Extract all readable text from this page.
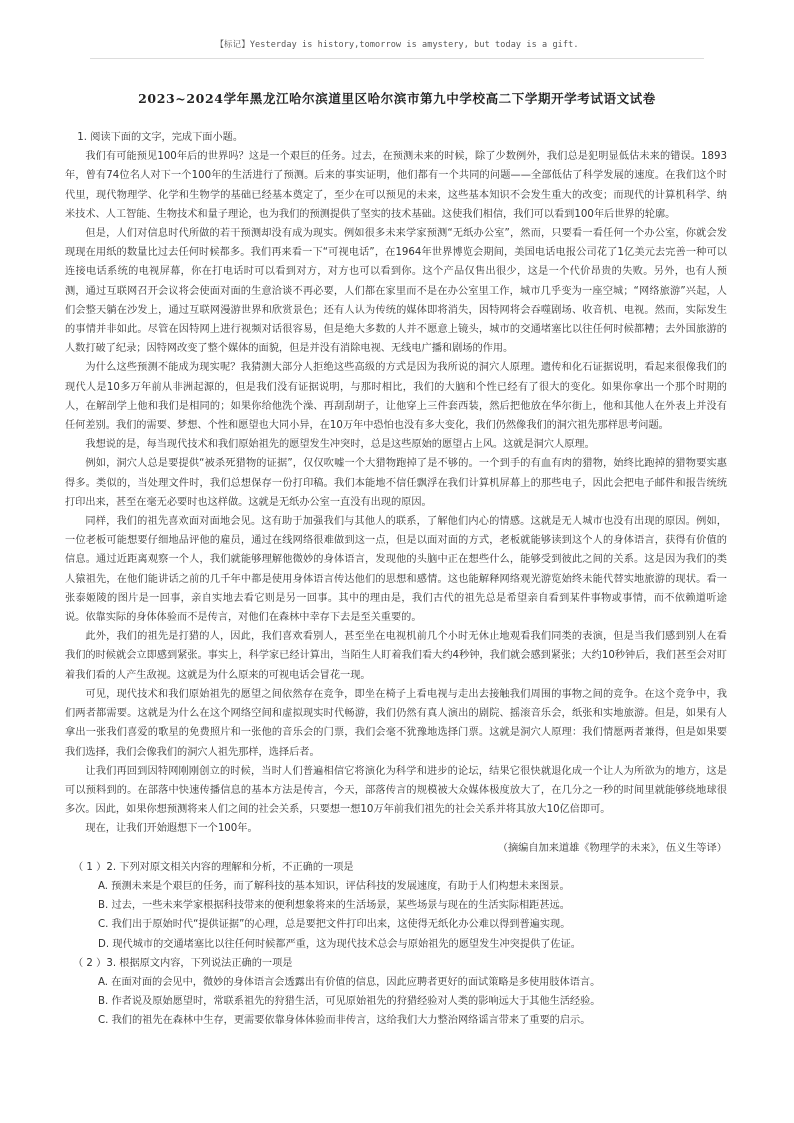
【标记】Yesterday is history,tomorrow is amystery, but today is a gift.
2023~2024学年黑龙江哈尔滨道里区哈尔滨市第九中学校高二下学期开学考试语文试卷

1. 阅读下面的文字，完成下面小题。

我们有可能预见100年后的世界吗？这是一个艰巨的任务。过去，在预测未来的时候，除了少数例外，我们总是犯明显低估未来的错误。1893年，曾有74位名人对下一个100年的生活进行了预测。后来的事实证明，他们都有一个共同的问题——全部低估了科学发展的速度。在我们这个时代里，现代物理学、化学和生物学的基础已经基本奠定了，至少在可以预见的未来，这些基本知识不会发生重大的改变；而现代的计算机科学、纳米技术、人工智能、生物技术和量子理论，也为我们的预测提供了坚实的技术基础。这使我们相信，我们可以看到100年后世界的轮廓。

但是，人们对信息时代所做的若干预测却没有成为现实。例如很多未来学家预测“无纸办公室”，然而，只要看一看任何一个办公室，你就会发现现在用纸的数量比过去任何时候都多。我们再来看一下“可视电话”，在1964年世界博览会期间，美国电话电报公司花了1亿美元去完善一种可以连接电话系统的电视屏幕，你在打电话时可以看到对方，对方也可以看到你。这个产品仅售出很少，这是一个代价昂贵的失败。另外，也有人预测，通过互联网召开会议将会使面对面的生意洽谈不再必要，人们都在家里而不是在办公室里工作，城市几乎变为一座空城；“网络旅游”兴起，人们会整天躺在沙发上，通过互联网漫游世界和欣赏景色；还有人认为传统的媒体即将消失，因特网将会吞噬剧场、收音机、电视。然而，实际发生的事情并非如此。尽管在因特网上进行视频对话很容易，但是绝大多数的人并不愿意上镜头，城市的交通堵塞比以往任何时候都糟；去外国旅游的人数打破了纪录；因特网改变了整个媒体的面貌，但是并没有消除电视、无线电广播和剧场的作用。

为什么这些预测不能成为现实呢？我猜测大部分人拒绝这些高级的方式是因为我所说的洞穴人原理。遗传和化石证据说明，看起来很像我们的现代人是10多万年前从非洲起源的，但是我们没有证据说明，与那时相比，我们的大脑和个性已经有了很大的变化。如果你拿出一个那个时期的人，在解剖学上他和我们是相同的；如果你给他洗个澡、再刮刮胡子，让他穿上三件套西装，然后把他放在华尔街上，他和其他人在外表上并没有任何差别。我们的需要、梦想、个性和愿望也大同小异，在10万年中恐怕也没有多大变化，我们仍然像我们的洞穴祖先那样思考问题。

我想说的是，每当现代技术和我们原始祖先的愿望发生冲突时，总是这些原始的愿望占上风。这就是洞穴人原理。

例如，洞穴人总是要提供“被杀死猎物的证据”，仅仅吹嘘一个大猎物跑掉了是不够的。一个到手的有血有肉的猎物，始终比跑掉的猎物要实惠得多。类似的，当处理文件时，我们总想保存一份打印稿。我们本能地不信任飘浮在我们计算机屏幕上的那些电子，因此会把电子邮件和报告统统打印出来，甚至在毫无必要时也这样做。这就是无纸办公室一直没有出现的原因。

同样，我们的祖先喜欢面对面地会见。这有助于加强我们与其他人的联系，了解他们内心的情感。这就是无人城市也没有出现的原因。例如，一位老板可能想要仔细地品评他的雇员，通过在线网络很难做到这一点，但是以面对面的方式，老板就能够读到这个人的身体语言，获得有价值的信息。通过近距离观察一个人，我们就能够理解他微妙的身体语言，发现他的头脑中正在想些什么，能够受到彼此之间的关系。这是因为我们的类人猿祖先，在他们能讲话之前的几千年中都是使用身体语言传达他们的思想和感情。这也能解释网络观光游览始终未能代替实地旅游的现状。看一张泰姬陵的图片是一回事，亲自实地去看它则是另一回事。其中的理由是，我们古代的祖先总是希望亲自看到某件事物或事情，而不依赖道听途说。依靠实际的身体体验而不是传言，对他们在森林中幸存下去是至关重要的。

此外，我们的祖先是打猎的人，因此，我们喜欢看别人，甚至坐在电视机前几个小时无休止地观看我们同类的表演，但是当我们感到别人在看我们的时候就会立即感到紧张。事实上，科学家已经计算出，当陌生人盯着我们看大约4秒钟，我们就会感到紧张；大约10秒钟后，我们甚至会对盯着我们看的人产生敌视。这就是为什么原来的可视电话会冒花一现。

可见，现代技术和我们原始祖先的愿望之间依然存在竞争，即坐在椅子上看电视与走出去接触我们周围的事物之间的竞争。在这个竞争中，我们两者都需要。这就是为什么在这个网络空间和虚拟现实时代畅游，我们仍然有真人演出的剧院、摇滚音乐会，纸张和实地旅游。但是，如果有人拿出一张我们喜爱的歌星的免费照片和一张他的音乐会的门票，我们会毫不犹豫地选择门票。这就是洞穴人原理：我们情愿两者兼得，但是如果要我们选择，我们会像我们的洞穴人祖先那样，选择后者。

让我们再回到因特网刚刚创立的时候，当时人们普遍相信它将演化为科学和进步的论坛，结果它很快就退化成一个让人为所欲为的地方，这是可以预料到的。在部落中快速传播信息的基本方法是传言，今天，部落传言的规模被大众媒体极度放大了，在几分之一秒的时间里就能够绕地球很多次。因此，如果你想预测将来人们之间的社会关系，只要想一想10万年前我们祖先的社会关系并将其放大10亿倍即可。

现在，让我们开始遐想下一个100年。

（摘编自加来道雄《物理学的未来》，伍义生等译）

（ 1 ）2. 下列对原文相关内容的理解和分析，不正确的一项是

A. 预测未来是个艰巨的任务，而了解科技的基本知识，评估科技的发展速度，有助于人们构想未来图景。

B. 过去，一些未来学家根据科技带来的便利想象将来的生活场景，某些场景与现在的生活实际相距甚远。

C. 我们出于原始时代“提供证据”的心理，总是要把文件打印出来，这使得无纸化办公难以得到普遍实现。

D. 现代城市的交通堵塞比以往任何时候都严重，这为现代技术总会与原始祖先的愿望发生冲突提供了佐证。

（ 2 ）3. 根据原文内容，下列说法正确的一项是

A. 在面对面的会见中，微妙的身体语言会透露出有价值的信息，因此应聘者更好的面试策略是多使用肢体语言。

B. 作者说及原始愿望时，常联系祖先的狩猎生活，可见原始祖先的狩猎经验对人类的影响远大于其他生活经验。

C. 我们的祖先在森林中生存，更需要依靠身体体验而非传言，这给我们大力整治网络谣言带来了重要的启示。
